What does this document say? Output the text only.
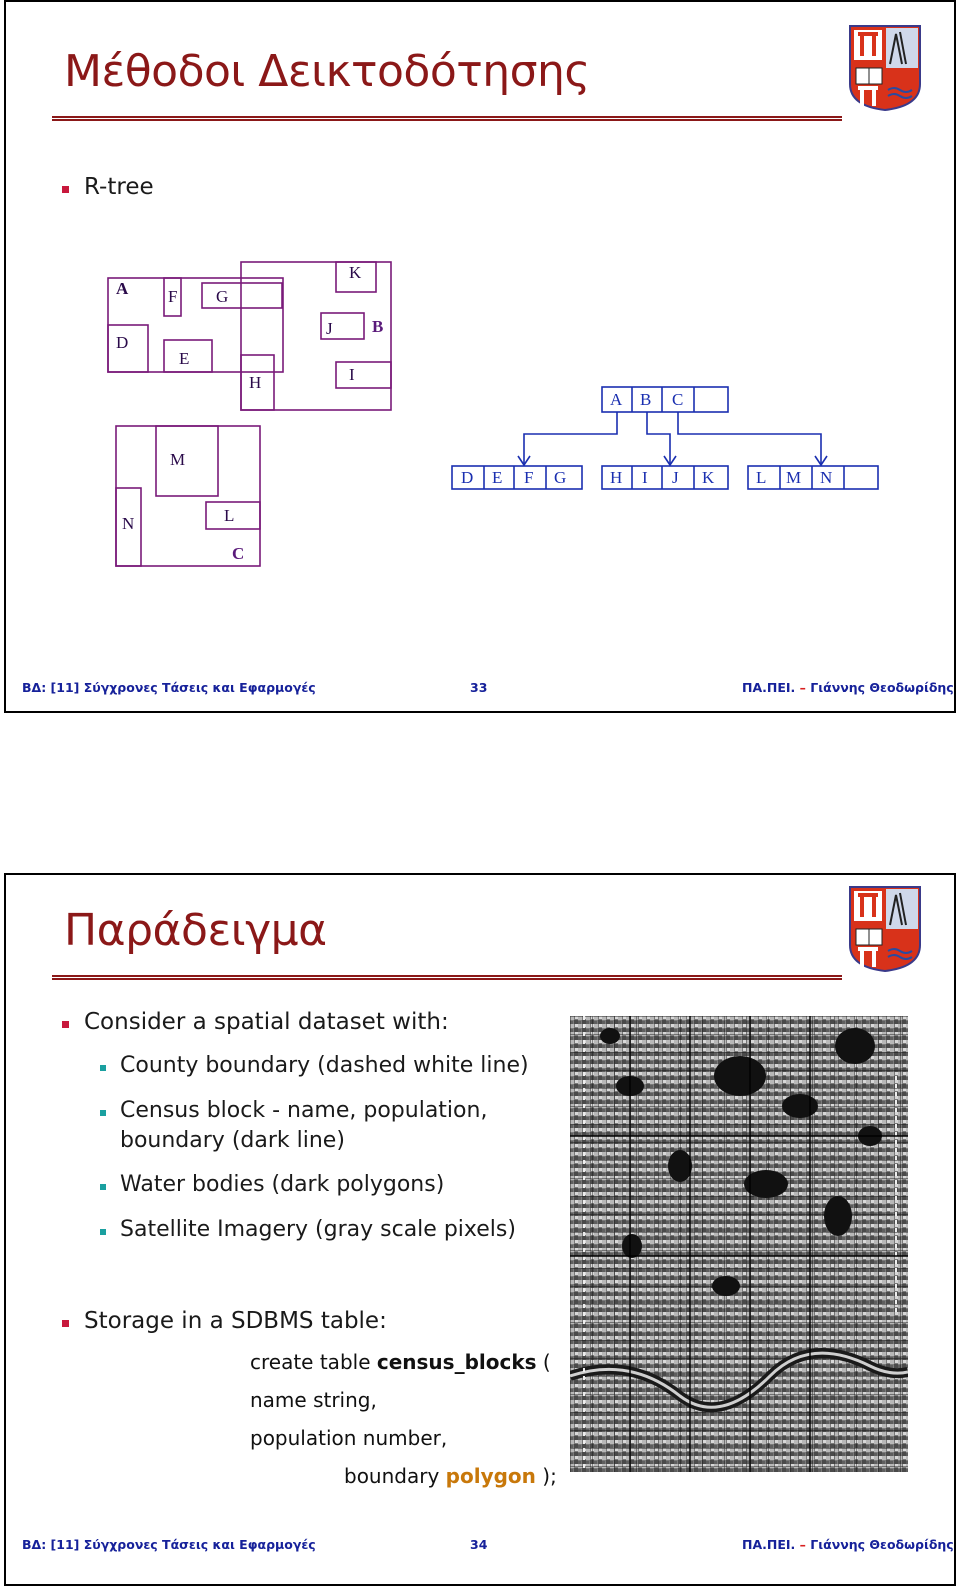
Μέθοδοι Δεικτοδότησης
R-tree
A F G
K
J B
D
E
H	I
M
N	L
C
A B C
D E F G	H I J K L M N
ΒΔ: [11] Σύγχρονες Τάσεις και Εφαρμογές	33	ΠΑ.ΠΕΙ. – Γιάννης Θεοδωρίδης
Παράδειγμα
Consider a spatial dataset with:
County boundary (dashed white line)
Census block - name, population,
boundary (dark line)
Water bodies (dark polygons)
Satellite Imagery (gray scale pixels)
Storage in a SDBMS table:
create table census_blocks (
name string,
population number,
boundary polygon );
ΒΔ: [11] Σύγχρονες Τάσεις και Εφαρμογές	34	ΠΑ.ΠΕΙ. – Γιάννης Θεοδωρίδης
